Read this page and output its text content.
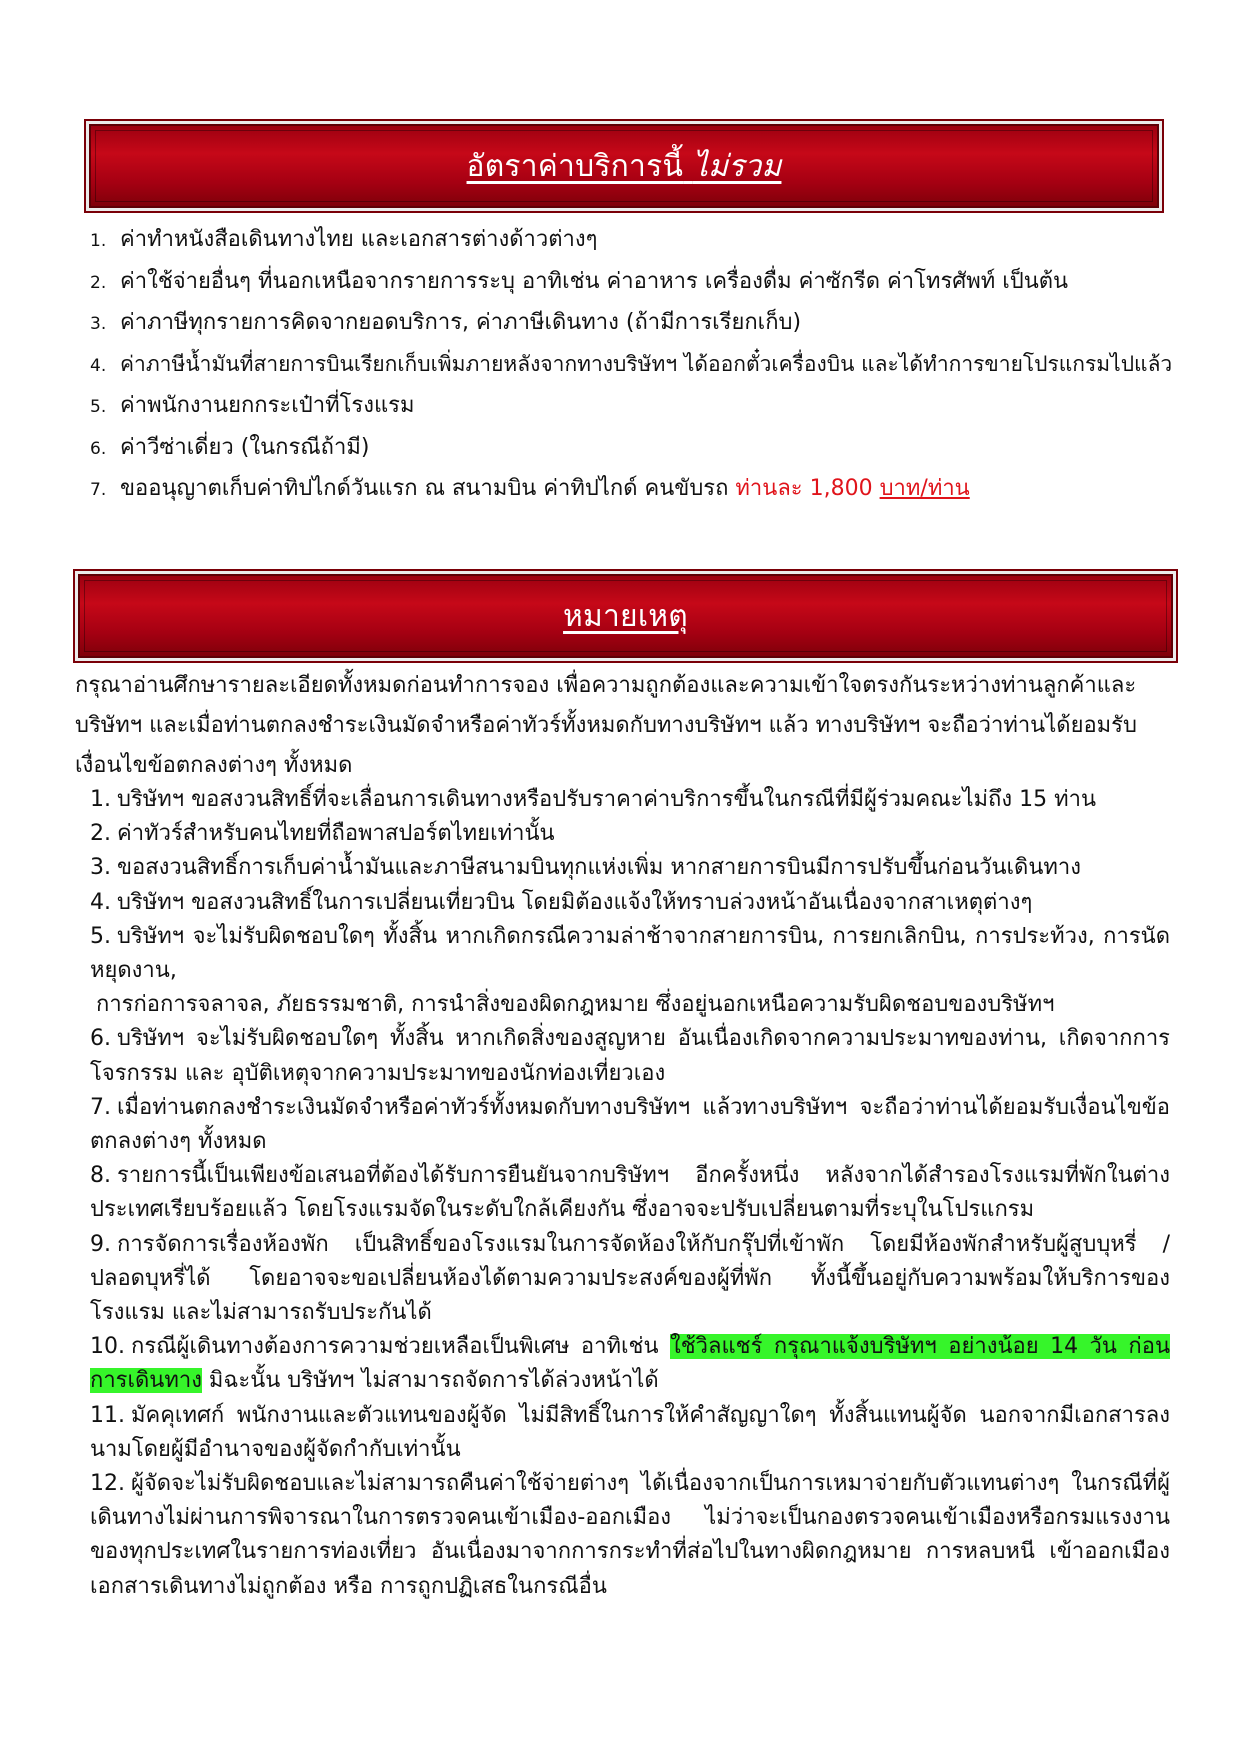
อัตราค่าบริการนี้ ไม่รวม
1. ค่าทำหนังสือเดินทางไทย และเอกสารต่างด้าวต่างๆ
2. ค่าใช้จ่ายอื่นๆ ที่นอกเหนือจากรายการระบุ อาทิเช่น ค่าอาหาร เครื่องดื่ม ค่าซักรีด ค่าโทรศัพท์ เป็นต้น
3. ค่าภาษีทุกรายการคิดจากยอดบริการ, ค่าภาษีเดินทาง (ถ้ามีการเรียกเก็บ)
4. ค่าภาษีน้ำมันที่สายการบินเรียกเก็บเพิ่มภายหลังจากทางบริษัทฯ ได้ออกตั๋วเครื่องบิน และได้ทำการขายโปรแกรมไปแล้ว
5. ค่าพนักงานยกกระเป๋าที่โรงแรม
6. ค่าวีซ่าเดี่ยว (ในกรณีถ้ามี)
7. ขออนุญาตเก็บค่าทิปไกด์วันแรก ณ สนามบิน ค่าทิปไกด์ คนขับรถ ท่านละ 1,800 บาท/ท่าน
หมายเหตุ

กรุณาอ่านศึกษารายละเอียดทั้งหมดก่อนทำการจอง เพื่อความถูกต้องและความเข้าใจตรงกันระหว่างท่านลูกค้าและบริษัทฯ และเมื่อท่านตกลงชำระเงินมัดจำหรือค่าทัวร์ทั้งหมดกับทางบริษัทฯ แล้ว ทางบริษัทฯ จะถือว่าท่านได้ยอมรับเงื่อนไขข้อตกลงต่างๆ ทั้งหมด

1. บริษัทฯ ขอสงวนสิทธิ์ที่จะเลื่อนการเดินทางหรือปรับราคาค่าบริการขึ้นในกรณีที่มีผู้ร่วมคณะไม่ถึง 15 ท่าน
2. ค่าทัวร์สำหรับคนไทยที่ถือพาสปอร์ตไทยเท่านั้น
3. ขอสงวนสิทธิ์การเก็บค่าน้ำมันและภาษีสนามบินทุกแห่งเพิ่ม หากสายการบินมีการปรับขึ้นก่อนวันเดินทาง
4. บริษัทฯ ขอสงวนสิทธิ์ในการเปลี่ยนเที่ยวบิน โดยมิต้องแจ้งให้ทราบล่วงหน้าอันเนื่องจากสาเหตุต่างๆ
5. บริษัทฯ จะไม่รับผิดชอบใดๆ ทั้งสิ้น หากเกิดกรณีความล่าช้าจากสายการบิน, การยกเลิกบิน, การประท้วง, การนัดหยุดงาน,
การก่อการจลาจล, ภัยธรรมชาติ, การนำสิ่งของผิดกฎหมาย ซึ่งอยู่นอกเหนือความรับผิดชอบของบริษัทฯ
6. บริษัทฯ จะไม่รับผิดชอบใดๆ ทั้งสิ้น หากเกิดสิ่งของสูญหาย อันเนื่องเกิดจากความประมาทของท่าน, เกิดจากการโจรกรรม และ อุบัติเหตุจากความประมาทของนักท่องเที่ยวเอง
7. เมื่อท่านตกลงชำระเงินมัดจำหรือค่าทัวร์ทั้งหมดกับทางบริษัทฯ แล้วทางบริษัทฯ จะถือว่าท่านได้ยอมรับเงื่อนไขข้อตกลงต่างๆ ทั้งหมด
8. รายการนี้เป็นเพียงข้อเสนอที่ต้องได้รับการยืนยันจากบริษัทฯ อีกครั้งหนึ่ง หลังจากได้สำรองโรงแรมที่พักในต่างประเทศเรียบร้อยแล้ว โดยโรงแรมจัดในระดับใกล้เคียงกัน ซึ่งอาจจะปรับเปลี่ยนตามที่ระบุในโปรแกรม
9. การจัดการเรื่องห้องพัก เป็นสิทธิ์ของโรงแรมในการจัดห้องให้กับกรุ๊ปที่เข้าพัก โดยมีห้องพักสำหรับผู้สูบบุหรี่ / ปลอดบุหรี่ได้ โดยอาจจะขอเปลี่ยนห้องได้ตามความประสงค์ของผู้ที่พัก ทั้งนี้ขึ้นอยู่กับความพร้อมให้บริการของโรงแรม และไม่สามารถรับประกันได้
10. กรณีผู้เดินทางต้องการความช่วยเหลือเป็นพิเศษ อาทิเช่น ใช้วิลแชร์ กรุณาแจ้งบริษัทฯ อย่างน้อย 14 วัน ก่อนการเดินทาง มิฉะนั้น บริษัทฯ ไม่สามารถจัดการได้ล่วงหน้าได้
11. มัคคุเทศก์ พนักงานและตัวแทนของผู้จัด ไม่มีสิทธิ์ในการให้คำสัญญาใดๆ ทั้งสิ้นแทนผู้จัด นอกจากมีเอกสารลงนามโดยผู้มีอำนาจของผู้จัดกำกับเท่านั้น
12. ผู้จัดจะไม่รับผิดชอบและไม่สามารถคืนค่าใช้จ่ายต่างๆ ได้เนื่องจากเป็นการเหมาจ่ายกับตัวแทนต่างๆ ในกรณีที่ผู้เดินทางไม่ผ่านการพิจารณาในการตรวจคนเข้าเมือง-ออกเมือง ไม่ว่าจะเป็นกองตรวจคนเข้าเมืองหรือกรมแรงงานของทุกประเทศในรายการท่องเที่ยว อันเนื่องมาจากการกระทำที่ส่อไปในทางผิดกฎหมาย การหลบหนี เข้าออกเมือง เอกสารเดินทางไม่ถูกต้อง หรือ การถูกปฏิเสธในกรณีอื่น
